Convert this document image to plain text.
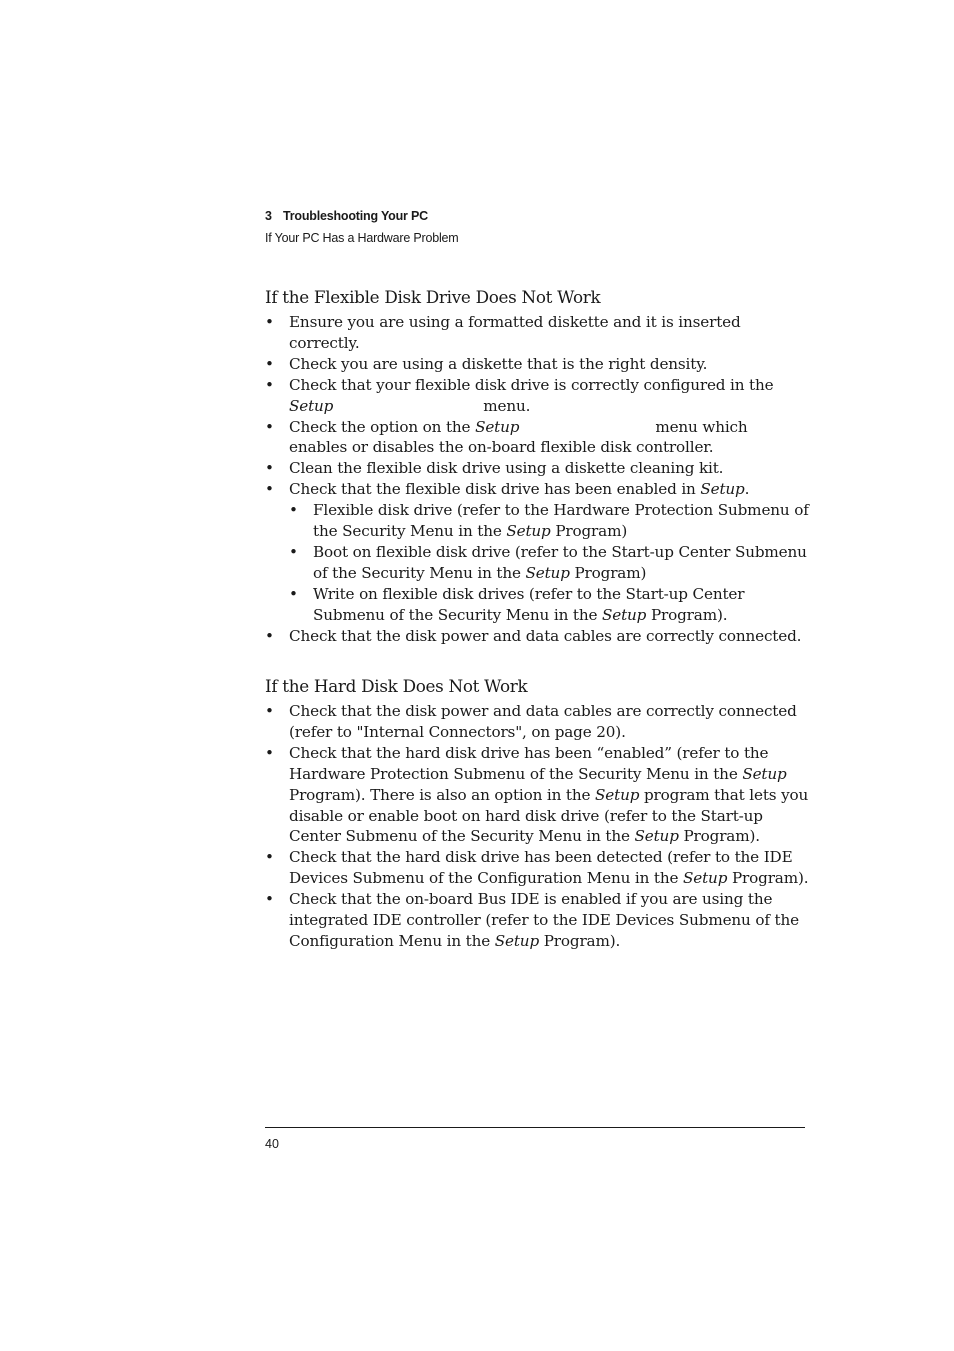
3 Troubleshooting Your PC
If Your PC Has a Hardware Problem
If the Flexible Disk Drive Does Not Work
• Ensure you are using a formatted diskette and it is inserted correctly.
• Check you are using a diskette that is the right density.
• Check that your flexible disk drive is correctly configured in the Setup	menu.
• Check the option on the Setup	menu which enables or disables the on-board flexible disk controller.
• Clean the flexible disk drive using a diskette cleaning kit.
• Check that the flexible disk drive has been enabled in Setup.
• Flexible disk drive (refer to the Hardware Protection Submenu of the Security Menu in the Setup Program)
• Boot on flexible disk drive (refer to the Start-up Center Submenu of the Security Menu in the Setup Program)
• Write on flexible disk drives (refer to the Start-up Center Submenu of the Security Menu in the Setup Program).
• Check that the disk power and data cables are correctly connected.
If the Hard Disk Does Not Work
• Check that the disk power and data cables are correctly connected (refer to "Internal Connectors", on page 20).
• Check that the hard disk drive has been “enabled” (refer to the Hardware Protection Submenu of the Security Menu in the Setup Program). There is also an option in the Setup program that lets you disable or enable boot on hard disk drive (refer to the Start-up Center Submenu of the Security Menu in the Setup Program).
• Check that the hard disk drive has been detected (refer to the IDE Devices Submenu of the Configuration Menu in the Setup Program).
• Check that the on-board Bus IDE is enabled if you are using the integrated IDE controller (refer to the IDE Devices Submenu of the Configuration Menu in the Setup Program).
40
